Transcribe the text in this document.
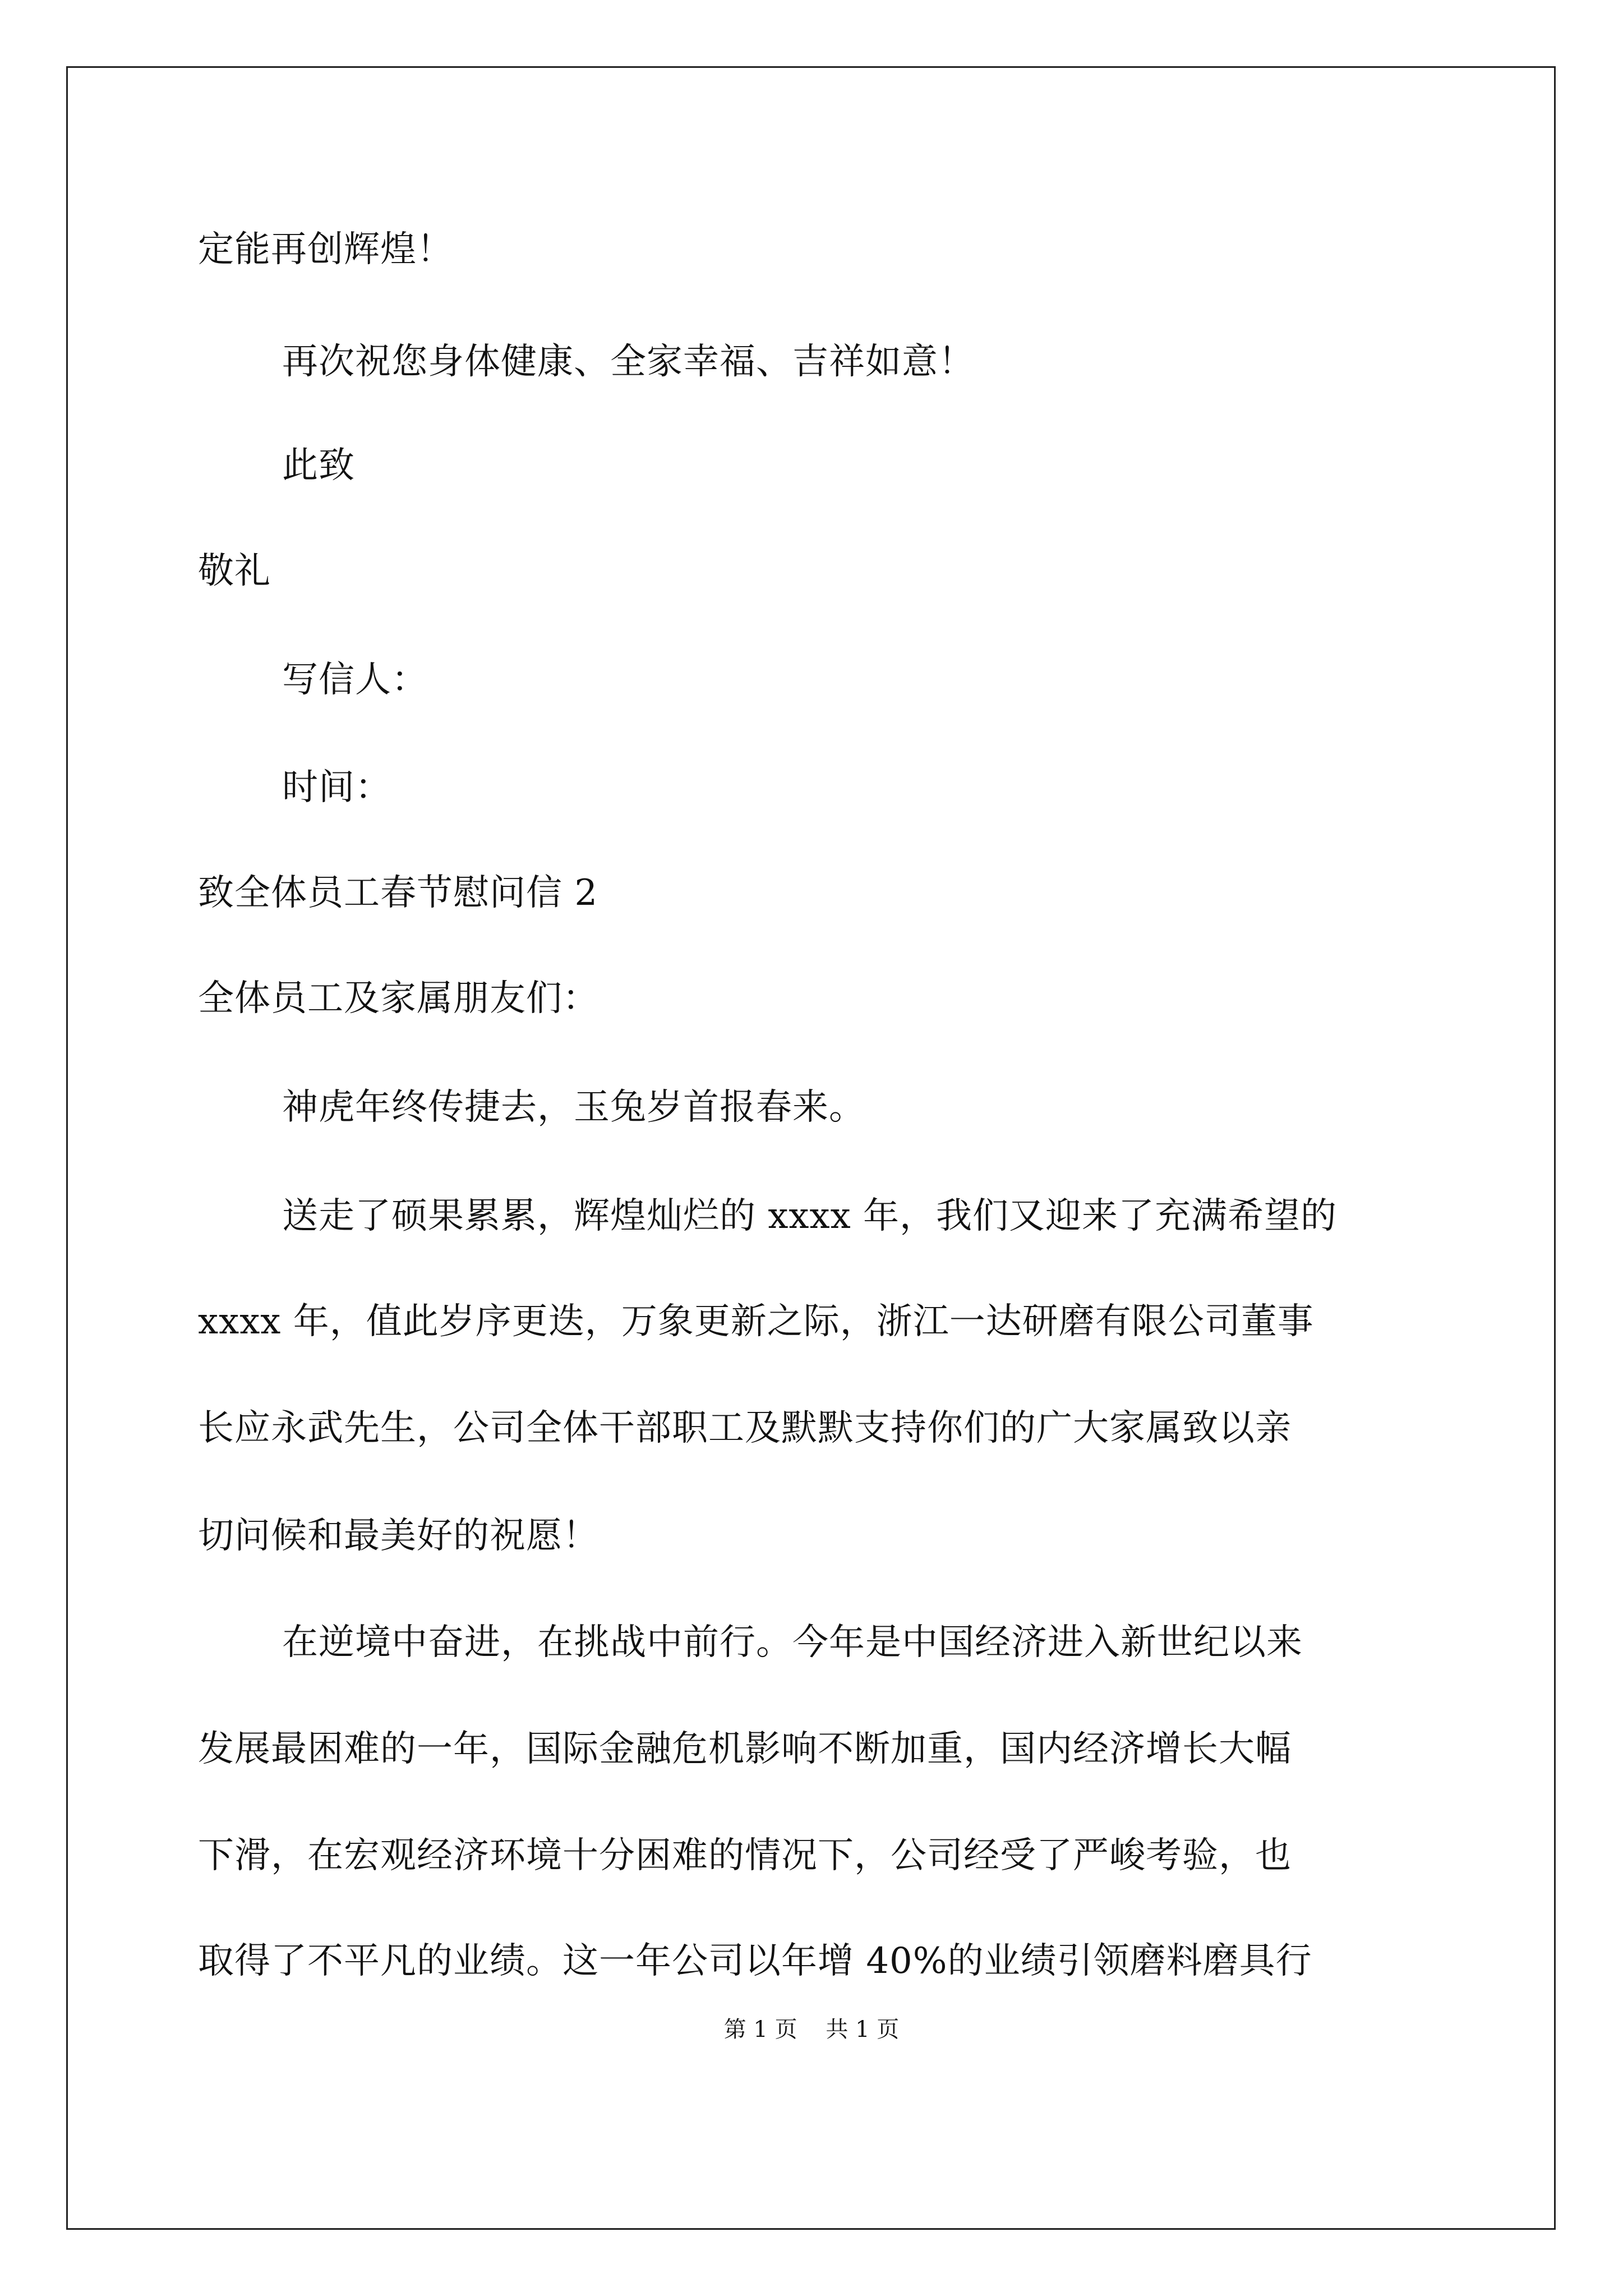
定能再创辉煌！
再次祝您身体健康、全家幸福、吉祥如意！
此致
敬礼
写信人：
时间：
致全体员工春节慰问信 2
全体员工及家属朋友们：
神虎年终传捷去，玉兔岁首报春来。
送走了硕果累累，辉煌灿烂的 xxxx 年，我们又迎来了充满希望的
xxxx 年，值此岁序更迭，万象更新之际，浙江一达研磨有限公司董事
长应永武先生，公司全体干部职工及默默支持你们的广大家属致以亲
切问候和最美好的祝愿！
在逆境中奋进，在挑战中前行。今年是中国经济进入新世纪以来
发展最困难的一年，国际金融危机影响不断加重，国内经济增长大幅
下滑，在宏观经济环境十分困难的情况下，公司经受了严峻考验，也
取得了不平凡的业绩。这一年公司以年增 40%的业绩引领磨料磨具行
第 1 页    共 1 页
